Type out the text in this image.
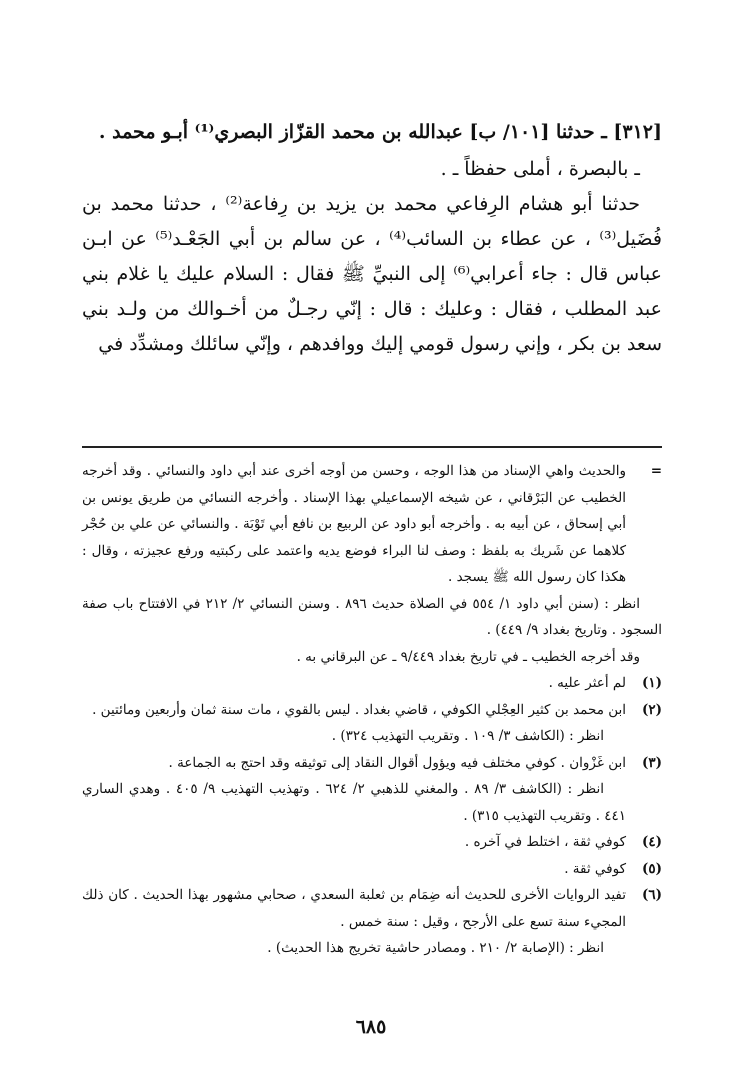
[٣١٢] ـ حدثنا [١٠١/ ب] عبدالله بن محمد القزّاز البصري⁽¹⁾ أبـو محمد .

ـ بالبصرة ، أملى حفظاً ـ .

حدثنا أبو هشام الرِفاعي محمد بن يزيد بن رِفاعة⁽²⁾ ، حدثنا محمد بن فُضَيل⁽³⁾ ، عن عطاء بن السائب⁽⁴⁾ ، عن سالم بن أبي الجَعْـد⁽⁵⁾ عن ابـن عباس قال : جاء أعرابي⁽⁶⁾ إلى النبيِّ ﷺ فقال : السلام عليك يا غلام بني عبد المطلب ، فقال : وعليك : قال : إنّي رجـلٌ من أخـوالك من ولـد بني سعد بن بكر ، وإني رسول قومي إليك ووافدهم ، وإنّي سائلك ومشدِّد في

=

والحديث واهي الإسناد من هذا الوجه ، وحسن من أوجه أخرى عند أبي داود والنسائي . وقد أخرجه الخطيب عن البَرْقاني ، عن شيخه الإسماعيلي بهذا الإسناد . وأخرجه النسائي من طريق يونس بن أبي إسحاق ، عن أبيه به . وأخرجه أبو داود عن الربيع بن نافع أبي تَوْبَة . والنسائي عن علي بن حُجْر كلاهما عن شَريك به بلفظ : وصف لنا البراء فوضع يديه واعتمد على ركبتيه ورفع عجيزته ، وقال : هكذا كان رسول الله ﷺ يسجد .

انظر : (سنن أبي داود ١/ ٥٥٤ في الصلاة حديث ٨٩٦ . وسنن النسائي ٢/ ٢١٢ في الافتتاح باب صفة السجود . وتاريخ بغداد ٩/ ٤٤٩) .

وقد أخرجه الخطيب ـ في تاريخ بغداد ٩/٤٤٩ ـ عن البرقاني به .

(١)

لم أعثر عليه .

(٢)

ابن محمد بن كثير العِجْلي الكوفي ، قاضي بغداد . ليس بالقوي ، مات سنة ثمان وأربعين ومائتين .

انظر : (الكاشف ٣/ ١٠٩ . وتقريب التهذيب ٣٢٤) .

(٣)

ابن غَزْوان . كوفي مختلف فيه ويؤول أقوال النقاد إلى توثيقه وقد احتج به الجماعة .

انظر : (الكاشف ٣/ ٨٩ . والمغني للذهبي ٢/ ٦٢٤ . وتهذيب التهذيب ٩/ ٤٠٥ . وهدي الساري ٤٤١ . وتقريب التهذيب ٣١٥) .

(٤)

كوفي ثقة ، اختلط في آخره .

(٥)

كوفي ثقة .

(٦)

تفيد الروايات الأخرى للحديث أنه ضِمَام بن ثعلبة السعدي ، صحابي مشهور بهذا الحديث . كان ذلك المجيء سنة تسع على الأرجح ، وقيل : سنة خمس .

انظر : (الإصابة ٢/ ٢١٠ . ومصادر حاشية تخريج هذا الحديث) .

٦٨٥
